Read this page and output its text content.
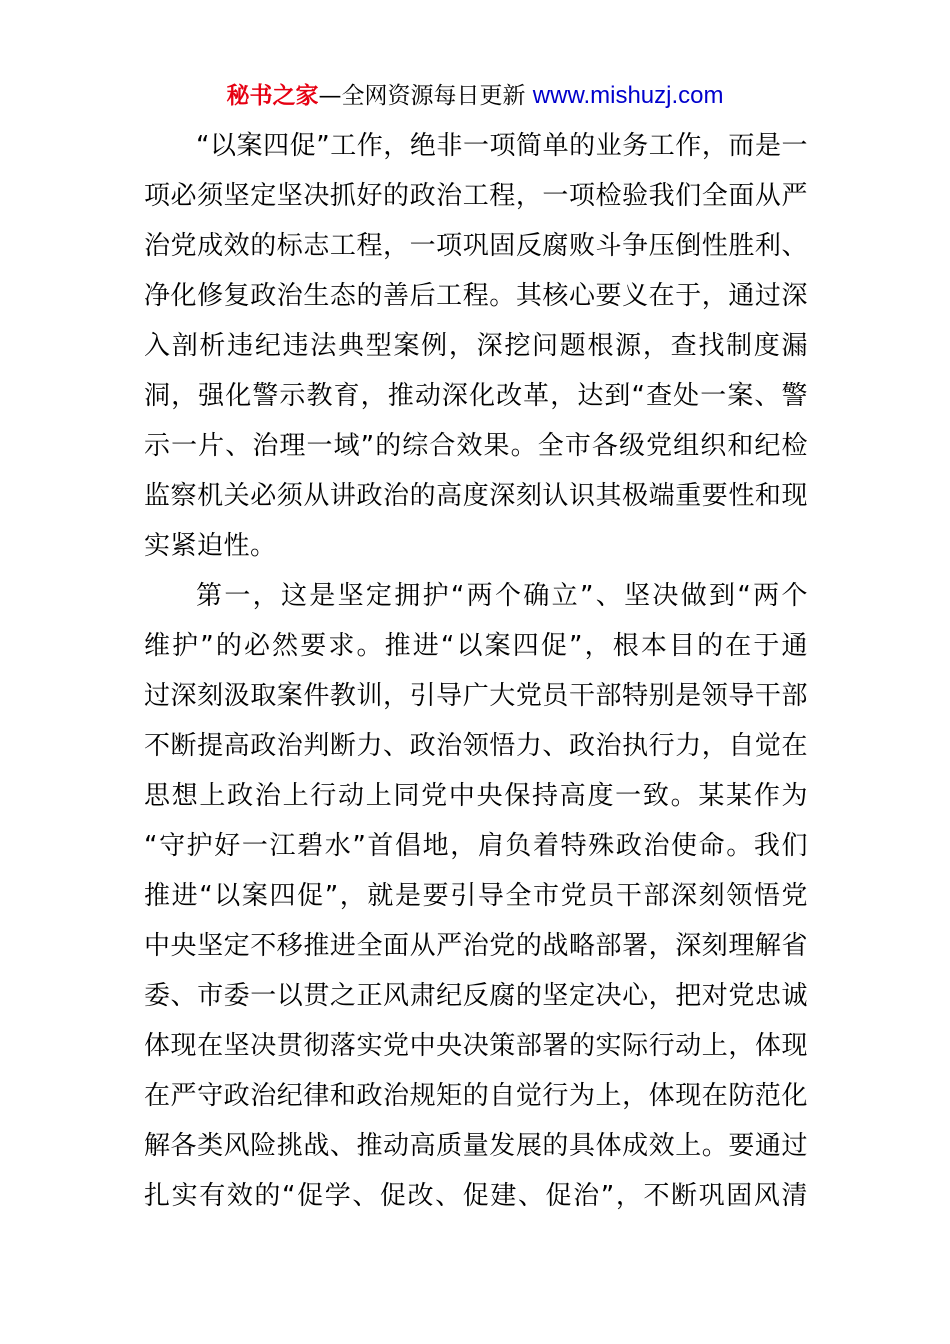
秘书之家—全网资源每日更新 www.mishuzj.com
“以案四促”工作，绝非一项简单的业务工作，而是一
项必须坚定坚决抓好的政治工程，一项检验我们全面从严
治党成效的标志工程，一项巩固反腐败斗争压倒性胜利、
净化修复政治生态的善后工程。其核心要义在于，通过深
入剖析违纪违法典型案例，深挖问题根源，查找制度漏
洞，强化警示教育，推动深化改革，达到“查处一案、警
示一片、治理一域”的综合效果。全市各级党组织和纪检
监察机关必须从讲政治的高度深刻认识其极端重要性和现
实紧迫性。
第一，这是坚定拥护“两个确立”、坚决做到“两个
维护”的必然要求。推进“以案四促”，根本目的在于通
过深刻汲取案件教训，引导广大党员干部特别是领导干部
不断提高政治判断力、政治领悟力、政治执行力，自觉在
思想上政治上行动上同党中央保持高度一致。某某作为
“守护好一江碧水”首倡地，肩负着特殊政治使命。我们
推进“以案四促”，就是要引导全市党员干部深刻领悟党
中央坚定不移推进全面从严治党的战略部署，深刻理解省
委、市委一以贯之正风肃纪反腐的坚定决心，把对党忠诚
体现在坚决贯彻落实党中央决策部署的实际行动上，体现
在严守政治纪律和政治规矩的自觉行为上，体现在防范化
解各类风险挑战、推动高质量发展的具体成效上。要通过
扎实有效的“促学、促改、促建、促治”，不断巩固风清
